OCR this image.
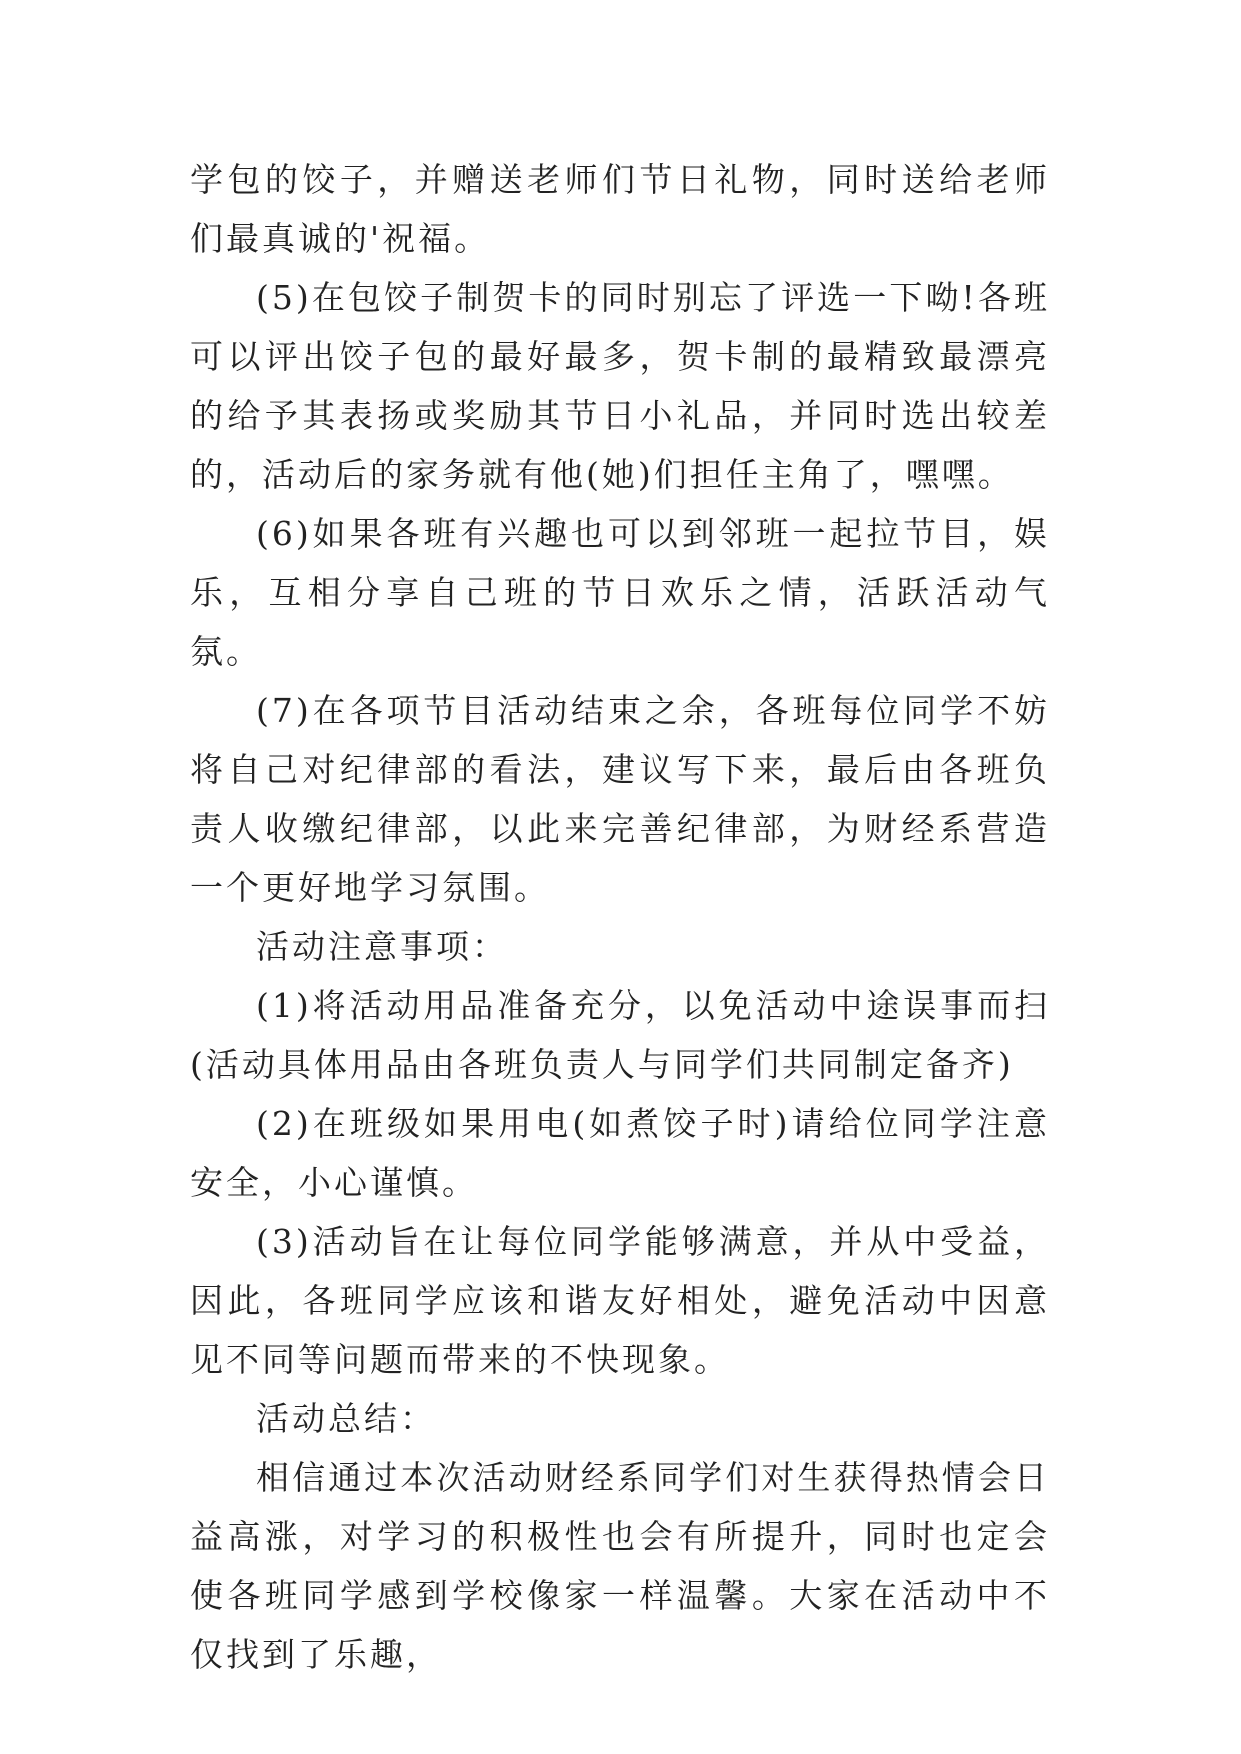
学包的饺子，并赠送老师们节日礼物，同时送给老师们最真诚的'祝福。

(5)在包饺子制贺卡的同时别忘了评选一下呦!各班可以评出饺子包的最好最多，贺卡制的最精致最漂亮的给予其表扬或奖励其节日小礼品，并同时选出较差的，活动后的家务就有他(她)们担任主角了，嘿嘿。

(6)如果各班有兴趣也可以到邻班一起拉节目，娱乐，互相分享自己班的节日欢乐之情，活跃活动气氛。

(7)在各项节目活动结束之余，各班每位同学不妨将自己对纪律部的看法，建议写下来，最后由各班负责人收缴纪律部，以此来完善纪律部，为财经系营造一个更好地学习氛围。

活动注意事项：

(1)将活动用品准备充分，以免活动中途误事而扫(活动具体用品由各班负责人与同学们共同制定备齐)

(2)在班级如果用电(如煮饺子时)请给位同学注意安全，小心谨慎。

(3)活动旨在让每位同学能够满意，并从中受益，因此，各班同学应该和谐友好相处，避免活动中因意见不同等问题而带来的不快现象。

活动总结：

相信通过本次活动财经系同学们对生获得热情会日益高涨，对学习的积极性也会有所提升，同时也定会使各班同学感到学校像家一样温馨。大家在活动中不仅找到了乐趣，
